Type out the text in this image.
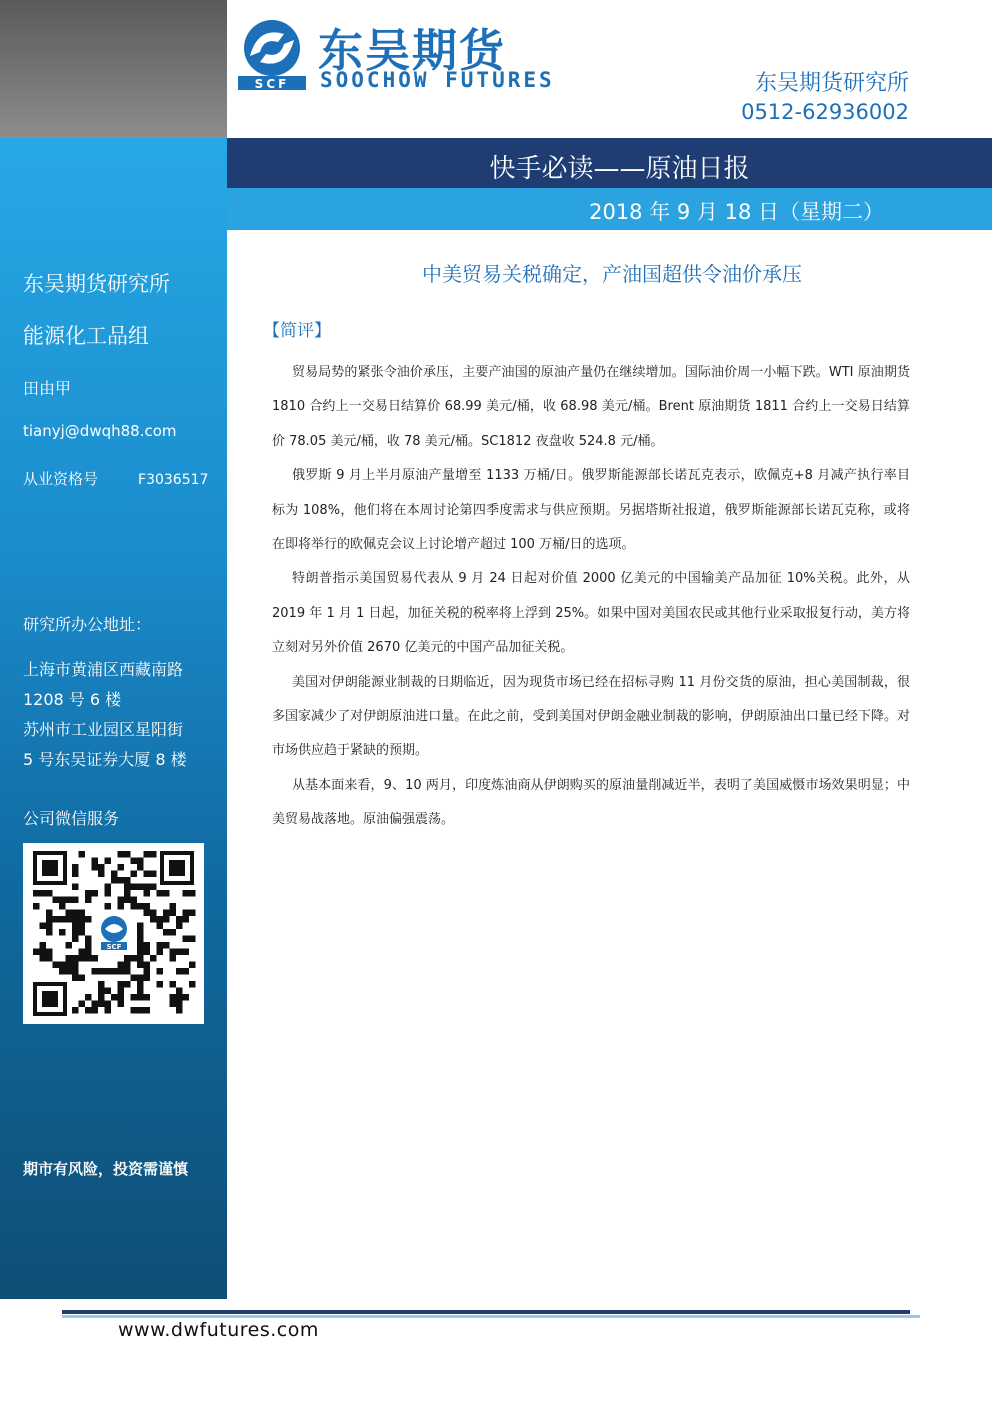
东吴期货研究所
能源化工品组
田由甲
tianyj@dwqh88.com
从业资格号	F3036517
研究所办公地址：
上海市黄浦区西藏南路
1208 号 6 楼
苏州市工业园区星阳街
5 号东吴证券大厦 8 楼
公司微信服务
SCF
期市有风险，投资需谨慎
SCF
东吴期货
SOOCHOW FUTURES	东吴期货研究所
0512-62936002
快手必读——原油日报
2018 年 9 月 18 日（星期二）
中美贸易关税确定，产油国超供令油价承压
【简评】

贸易局势的紧张令油价承压，主要产油国的原油产量仍在继续增加。国际油价周一小幅下跌。WTI 原油期货 1810 合约上一交易日结算价 68.99 美元/桶，收 68.98 美元/桶。Brent 原油期货 1811 合约上一交易日结算价 78.05 美元/桶，收 78 美元/桶。SC1812 夜盘收 524.8 元/桶。

俄罗斯 9 月上半月原油产量增至 1133 万桶/日。俄罗斯能源部长诺瓦克表示，欧佩克+8 月减产执行率目标为 108%，他们将在本周讨论第四季度需求与供应预期。另据塔斯社报道，俄罗斯能源部长诺瓦克称，或将在即将举行的欧佩克会议上讨论增产超过 100 万桶/日的选项。

特朗普指示美国贸易代表从 9 月 24 日起对价值 2000 亿美元的中国输美产品加征 10%关税。此外，从 2019 年 1 月 1 日起，加征关税的税率将上浮到 25%。如果中国对美国农民或其他行业采取报复行动，美方将立刻对另外价值 2670 亿美元的中国产品加征关税。

美国对伊朗能源业制裁的日期临近，因为现货市场已经在招标寻购 11 月份交货的原油，担心美国制裁，很多国家减少了对伊朗原油进口量。在此之前，受到美国对伊朗金融业制裁的影响，伊朗原油出口量已经下降。对市场供应趋于紧缺的预期。

从基本面来看，9、10 两月，印度炼油商从伊朗购买的原油量削减近半，表明了美国威慑市场效果明显；中美贸易战落地。原油偏强震荡。

www.dwfutures.com
